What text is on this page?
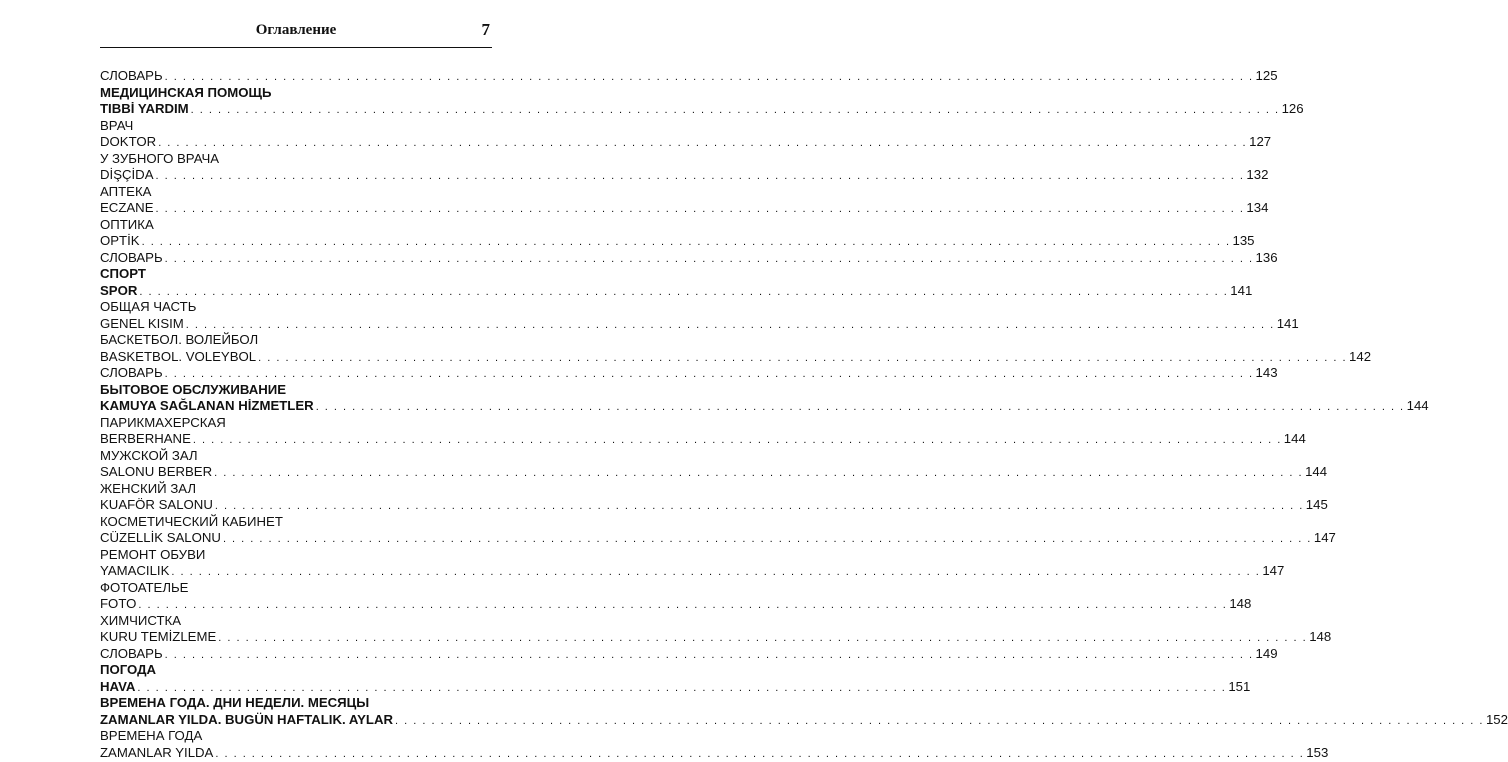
Оглавление	7
СЛОВАРЬ . . . . . . . . . . . . . . . . . . . . . . . . . . . . . . . . . . . . . . . . . . . . . . . . . . . . . . . . . . . . . . . . . . . . . . . . . . . . . . . . . . . . . . . . . . . . . . . . . . . . . . . . . . . . . . . . . . . . . . . . 125
МЕДИЦИНСКАЯ ПОМОЩЬ
TIBBİ YARDIM . . . . . . . . . . . . . . . . . . . . . . . . . . . . . . . . . . . . . . . . . . . . . . . . . . . . . . . . . . . . . . . . . . . . . . . . . . . . . . . . . . . . . . . . . . . . . . . . . . . . . . . . . . . . . . . . . . . . . . . . 126
ВРАЧ
DOKTOR . . . . . . . . . . . . . . . . . . . . . . . . . . . . . . . . . . . . . . . . . . . . . . . . . . . . . . . . . . . . . . . . . . . . . . . . . . . . . . . . . . . . . . . . . . . . . . . . . . . . . . . . . . . . . . . . . . . . . . . . 127
У ЗУБНОГО ВРАЧА
DİŞÇİDA . . . . . . . . . . . . . . . . . . . . . . . . . . . . . . . . . . . . . . . . . . . . . . . . . . . . . . . . . . . . . . . . . . . . . . . . . . . . . . . . . . . . . . . . . . . . . . . . . . . . . . . . . . . . . . . . . . . . . . . . 132
АПТЕКА
ECZANE . . . . . . . . . . . . . . . . . . . . . . . . . . . . . . . . . . . . . . . . . . . . . . . . . . . . . . . . . . . . . . . . . . . . . . . . . . . . . . . . . . . . . . . . . . . . . . . . . . . . . . . . . . . . . . . . . . . . . . . . 134
ОПТИКА
OPTİK . . . . . . . . . . . . . . . . . . . . . . . . . . . . . . . . . . . . . . . . . . . . . . . . . . . . . . . . . . . . . . . . . . . . . . . . . . . . . . . . . . . . . . . . . . . . . . . . . . . . . . . . . . . . . . . . . . . . . . . . 135
СЛОВАРЬ . . . . . . . . . . . . . . . . . . . . . . . . . . . . . . . . . . . . . . . . . . . . . . . . . . . . . . . . . . . . . . . . . . . . . . . . . . . . . . . . . . . . . . . . . . . . . . . . . . . . . . . . . . . . . . . . . . . . . . . . 136
СПОРТ
SPOR . . . . . . . . . . . . . . . . . . . . . . . . . . . . . . . . . . . . . . . . . . . . . . . . . . . . . . . . . . . . . . . . . . . . . . . . . . . . . . . . . . . . . . . . . . . . . . . . . . . . . . . . . . . . . . . . . . . . . . . . 141
ОБЩАЯ ЧАСТЬ
GENEL KISIM . . . . . . . . . . . . . . . . . . . . . . . . . . . . . . . . . . . . . . . . . . . . . . . . . . . . . . . . . . . . . . . . . . . . . . . . . . . . . . . . . . . . . . . . . . . . . . . . . . . . . . . . . . . . . . . . . . . . . . . . 141
БАСКЕТБОЛ. ВОЛЕЙБОЛ
BASKETBOL. VOLEYBOL . . . . . . . . . . . . . . . . . . . . . . . . . . . . . . . . . . . . . . . . . . . . . . . . . . . . . . . . . . . . . . . . . . . . . . . . . . . . . . . . . . . . . . . . . . . . . . . . . . . . . . . . . . . . . . . . . . . . . . . . 142
СЛОВАРЬ . . . . . . . . . . . . . . . . . . . . . . . . . . . . . . . . . . . . . . . . . . . . . . . . . . . . . . . . . . . . . . . . . . . . . . . . . . . . . . . . . . . . . . . . . . . . . . . . . . . . . . . . . . . . . . . . . . . . . . . . 143
БЫТОВОЕ ОБСЛУЖИВАНИЕ
KAMUYA SAĞLANAN HİZMETLER . . . . . . . . . . . . . . . . . . . . . . . . . . . . . . . . . . . . . . . . . . . . . . . . . . . . . . . . . . . . . . . . . . . . . . . . . . . . . . . . . . . . . . . . . . . . . . . . . . . . . . . . . . . . . . . . . . . . . . . . 144
ПАРИКМАХЕРСКАЯ
BERBERHANE . . . . . . . . . . . . . . . . . . . . . . . . . . . . . . . . . . . . . . . . . . . . . . . . . . . . . . . . . . . . . . . . . . . . . . . . . . . . . . . . . . . . . . . . . . . . . . . . . . . . . . . . . . . . . . . . . . . . . . . . 144
МУЖСКОЙ ЗАЛ
SALONU BERBER . . . . . . . . . . . . . . . . . . . . . . . . . . . . . . . . . . . . . . . . . . . . . . . . . . . . . . . . . . . . . . . . . . . . . . . . . . . . . . . . . . . . . . . . . . . . . . . . . . . . . . . . . . . . . . . . . . . . . . . . 144
ЖЕНСКИЙ ЗАЛ
KUAFÖR SALONU . . . . . . . . . . . . . . . . . . . . . . . . . . . . . . . . . . . . . . . . . . . . . . . . . . . . . . . . . . . . . . . . . . . . . . . . . . . . . . . . . . . . . . . . . . . . . . . . . . . . . . . . . . . . . . . . . . . . . . . . 145
КОСМЕТИЧЕСКИЙ КАБИНЕТ
CÜZELLİK SALONU . . . . . . . . . . . . . . . . . . . . . . . . . . . . . . . . . . . . . . . . . . . . . . . . . . . . . . . . . . . . . . . . . . . . . . . . . . . . . . . . . . . . . . . . . . . . . . . . . . . . . . . . . . . . . . . . . . . . . . . . 147
РЕМОНТ ОБУВИ
YAMACILIK . . . . . . . . . . . . . . . . . . . . . . . . . . . . . . . . . . . . . . . . . . . . . . . . . . . . . . . . . . . . . . . . . . . . . . . . . . . . . . . . . . . . . . . . . . . . . . . . . . . . . . . . . . . . . . . . . . . . . . . . 147
ФОТОАТЕЛЬЕ
FOTO . . . . . . . . . . . . . . . . . . . . . . . . . . . . . . . . . . . . . . . . . . . . . . . . . . . . . . . . . . . . . . . . . . . . . . . . . . . . . . . . . . . . . . . . . . . . . . . . . . . . . . . . . . . . . . . . . . . . . . . . 148
ХИМЧИСТКА
KURU TEMİZLEME . . . . . . . . . . . . . . . . . . . . . . . . . . . . . . . . . . . . . . . . . . . . . . . . . . . . . . . . . . . . . . . . . . . . . . . . . . . . . . . . . . . . . . . . . . . . . . . . . . . . . . . . . . . . . . . . . . . . . . . . 148
СЛОВАРЬ . . . . . . . . . . . . . . . . . . . . . . . . . . . . . . . . . . . . . . . . . . . . . . . . . . . . . . . . . . . . . . . . . . . . . . . . . . . . . . . . . . . . . . . . . . . . . . . . . . . . . . . . . . . . . . . . . . . . . . . . 149
ПОГОДА
HAVA . . . . . . . . . . . . . . . . . . . . . . . . . . . . . . . . . . . . . . . . . . . . . . . . . . . . . . . . . . . . . . . . . . . . . . . . . . . . . . . . . . . . . . . . . . . . . . . . . . . . . . . . . . . . . . . . . . . . . . . . 151
ВРЕМЕНА ГОДА. ДНИ НЕДЕЛИ. МЕСЯЦЫ
ZAMANLAR YILDA. BUGÜN HAFTALIK. AYLAR . . . . . . . . . . . . . . . . . . . . . . . . . . . . . . . . . . . . . . . . . . . . . . . . . . . . . . . . . . . . . . . . . . . . . . . . . . . . . . . . . . . . . . . . . . . . . . . . . . . . . . . . . . . . . . . . . . . . . . . . 152
ВРЕМЕНА ГОДА
ZAMANLAR YILDA . . . . . . . . . . . . . . . . . . . . . . . . . . . . . . . . . . . . . . . . . . . . . . . . . . . . . . . . . . . . . . . . . . . . . . . . . . . . . . . . . . . . . . . . . . . . . . . . . . . . . . . . . . . . . . . . . . . . . . . . 153
